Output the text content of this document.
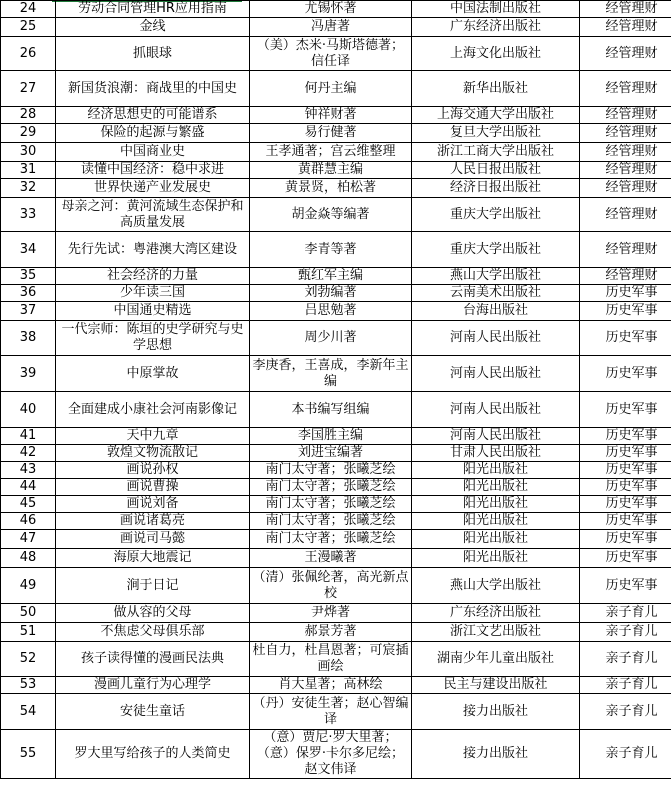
24	劳动合同管理HR应用指南	尤锡怀著	中国法制出版社	经管理财
25	金线	冯唐著	广东经济出版社	经管理财
26	抓眼球	（美）杰米·马斯塔德著；信任译	上海文化出版社	经管理财
27	新国货浪潮：商战里的中国史	何丹主编	新华出版社	经管理财
28	经济思想史的可能谱系	钟祥财著	上海交通大学出版社	经管理财
29	保险的起源与繁盛	易行健著	复旦大学出版社	经管理财
30	中国商业史	王孝通著；宫云维整理	浙江工商大学出版社	经管理财
31	读懂中国经济：稳中求进	黄群慧主编	人民日报出版社	经管理财
32	世界快递产业发展史	黄景贤，柏松著	经济日报出版社	经管理财
33	母亲之河：黄河流域生态保护和高质量发展	胡金焱等编著	重庆大学出版社	经管理财
34	先行先试：粤港澳大湾区建设	李青等著	重庆大学出版社	经管理财
35	社会经济的力量	甄红军主编	燕山大学出版社	经管理财
36	少年读三国	刘勃编著	云南美术出版社	历史军事
37	中国通史精选	吕思勉著	台海出版社	历史军事
38	一代宗师：陈垣的史学研究与史学思想	周少川著	河南人民出版社	历史军事
39	中原掌故	李庚香，王喜成，李新年主编	河南人民出版社	历史军事
40	全面建成小康社会河南影像记	本书编写组编	河南人民出版社	历史军事
41	天中九章	李国胜主编	河南人民出版社	历史军事
42	敦煌文物流散记	刘进宝编著	甘肃人民出版社	历史军事
43	画说孙权	南门太守著；张曦芝绘	阳光出版社	历史军事
44	画说曹操	南门太守著；张曦芝绘	阳光出版社	历史军事
45	画说刘备	南门太守著；张曦芝绘	阳光出版社	历史军事
46	画说诸葛亮	南门太守著；张曦芝绘	阳光出版社	历史军事
47	画说司马懿	南门太守著；张曦芝绘	阳光出版社	历史军事
48	海原大地震记	王漫曦著	阳光出版社	历史军事
49	涧于日记	（清）张佩纶著，高光新点校	燕山大学出版社	历史军事
50	做从容的父母	尹烨著	广东经济出版社	亲子育儿
51	不焦虑父母俱乐部	郝景芳著	浙江文艺出版社	亲子育儿
52	孩子读得懂的漫画民法典	杜自力，杜昌恩著；可宸插画绘	湖南少年儿童出版社	亲子育儿
53	漫画儿童行为心理学	肖大星著；高林绘	民主与建设出版社	亲子育儿
54	安徒生童话	（丹）安徒生著；赵心智编译	接力出版社	亲子育儿
55	罗大里写给孩子的人类简史	（意）贾尼·罗大里著；（意）保罗·卡尔多尼绘；赵文伟译	接力出版社	亲子育儿
